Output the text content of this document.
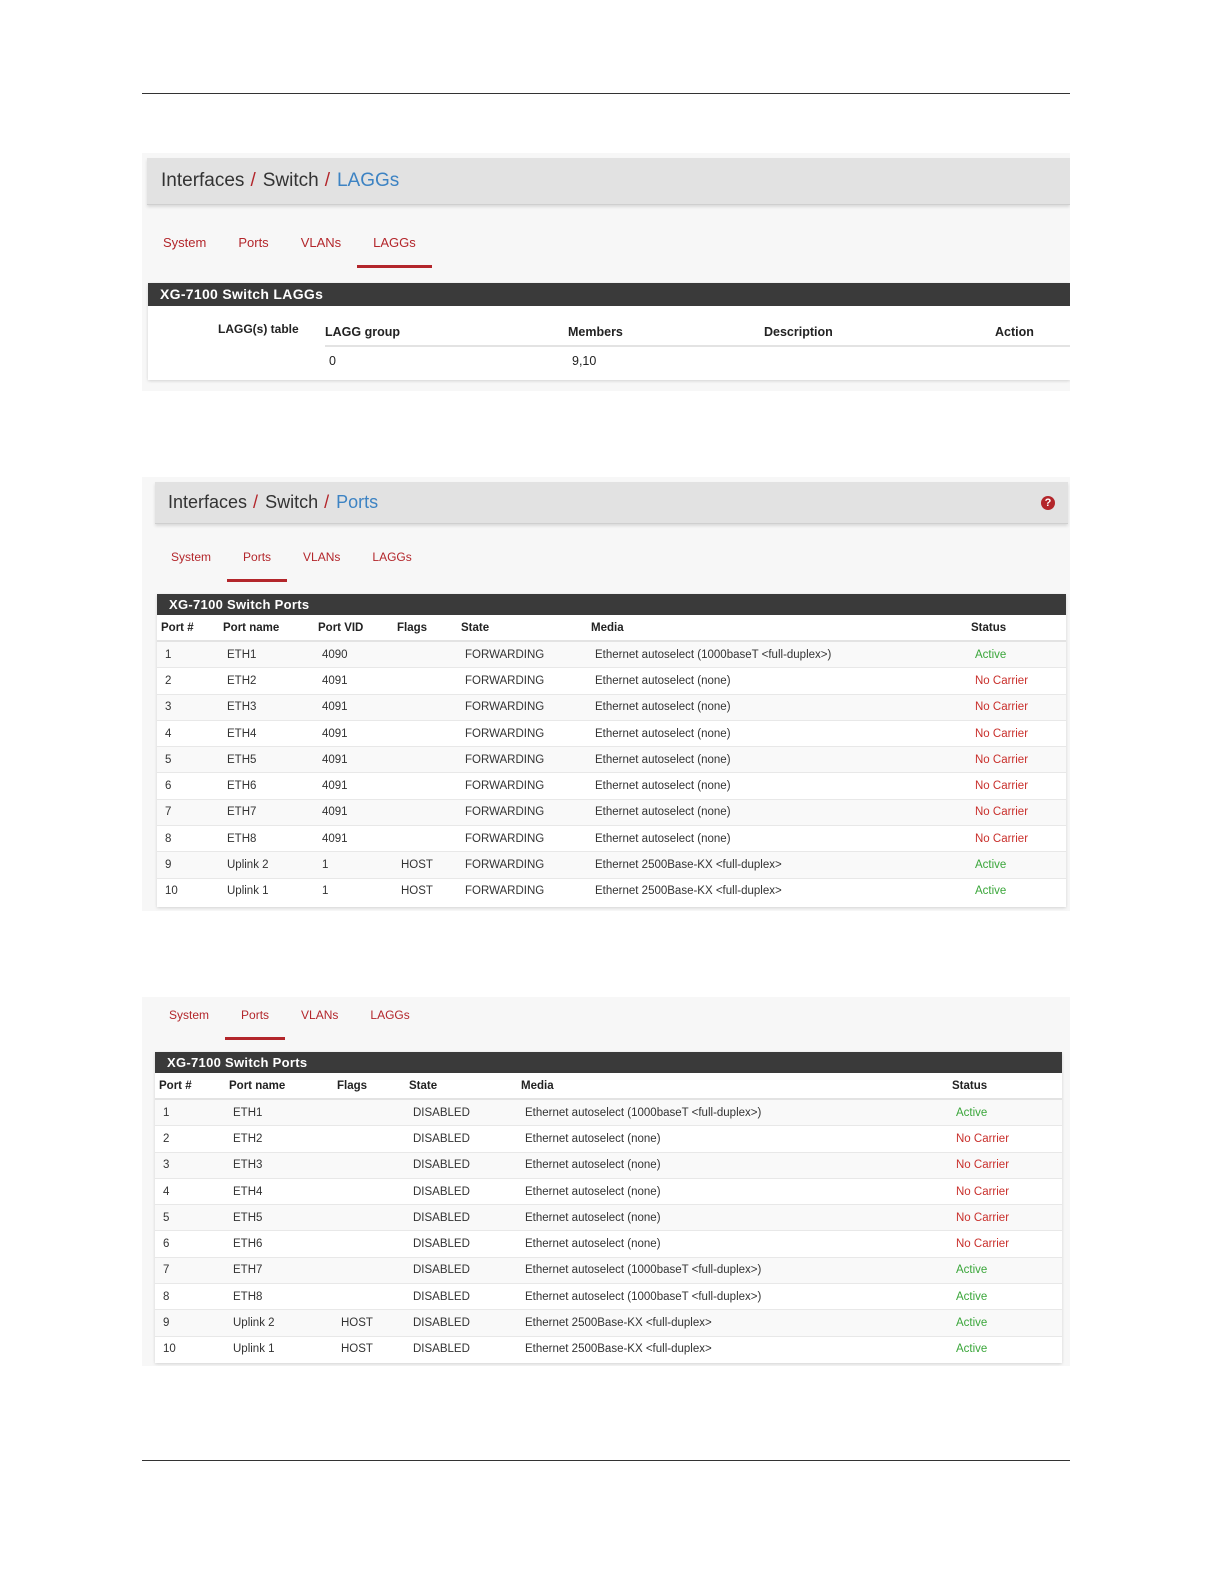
Interfaces / Switch / LAGGs
System	Ports	VLANs	LAGGs
XG-7100 Switch LAGGs
LAGG(s) table LAGG group	Members	Description	Action
0	9,10		
Interfaces / Switch / Ports	?
System	Ports	VLANs	LAGGs
XG-7100 Switch Ports
Port #	Port name	Port VID	Flags	State	Media	Status
1	ETH1	4090		FORWARDING	Ethernet autoselect (1000baseT <full-duplex>)	Active
2	ETH2	4091		FORWARDING	Ethernet autoselect (none)	No Carrier
3	ETH3	4091		FORWARDING	Ethernet autoselect (none)	No Carrier
4	ETH4	4091		FORWARDING	Ethernet autoselect (none)	No Carrier
5	ETH5	4091		FORWARDING	Ethernet autoselect (none)	No Carrier
6	ETH6	4091		FORWARDING	Ethernet autoselect (none)	No Carrier
7	ETH7	4091		FORWARDING	Ethernet autoselect (none)	No Carrier
8	ETH8	4091		FORWARDING	Ethernet autoselect (none)	No Carrier
9	Uplink 2	1	HOST	FORWARDING	Ethernet 2500Base-KX <full-duplex>	Active
10	Uplink 1	1	HOST	FORWARDING	Ethernet 2500Base-KX <full-duplex>	Active
System	Ports	VLANs	LAGGs
XG-7100 Switch Ports
Port #	Port name	Flags	State	Media	Status
1	ETH1		DISABLED	Ethernet autoselect (1000baseT <full-duplex>)	Active
2	ETH2		DISABLED	Ethernet autoselect (none)	No Carrier
3	ETH3		DISABLED	Ethernet autoselect (none)	No Carrier
4	ETH4		DISABLED	Ethernet autoselect (none)	No Carrier
5	ETH5		DISABLED	Ethernet autoselect (none)	No Carrier
6	ETH6		DISABLED	Ethernet autoselect (none)	No Carrier
7	ETH7		DISABLED	Ethernet autoselect (1000baseT <full-duplex>)	Active
8	ETH8		DISABLED	Ethernet autoselect (1000baseT <full-duplex>)	Active
9	Uplink 2	HOST	DISABLED	Ethernet 2500Base-KX <full-duplex>	Active
10	Uplink 1	HOST	DISABLED	Ethernet 2500Base-KX <full-duplex>	Active
